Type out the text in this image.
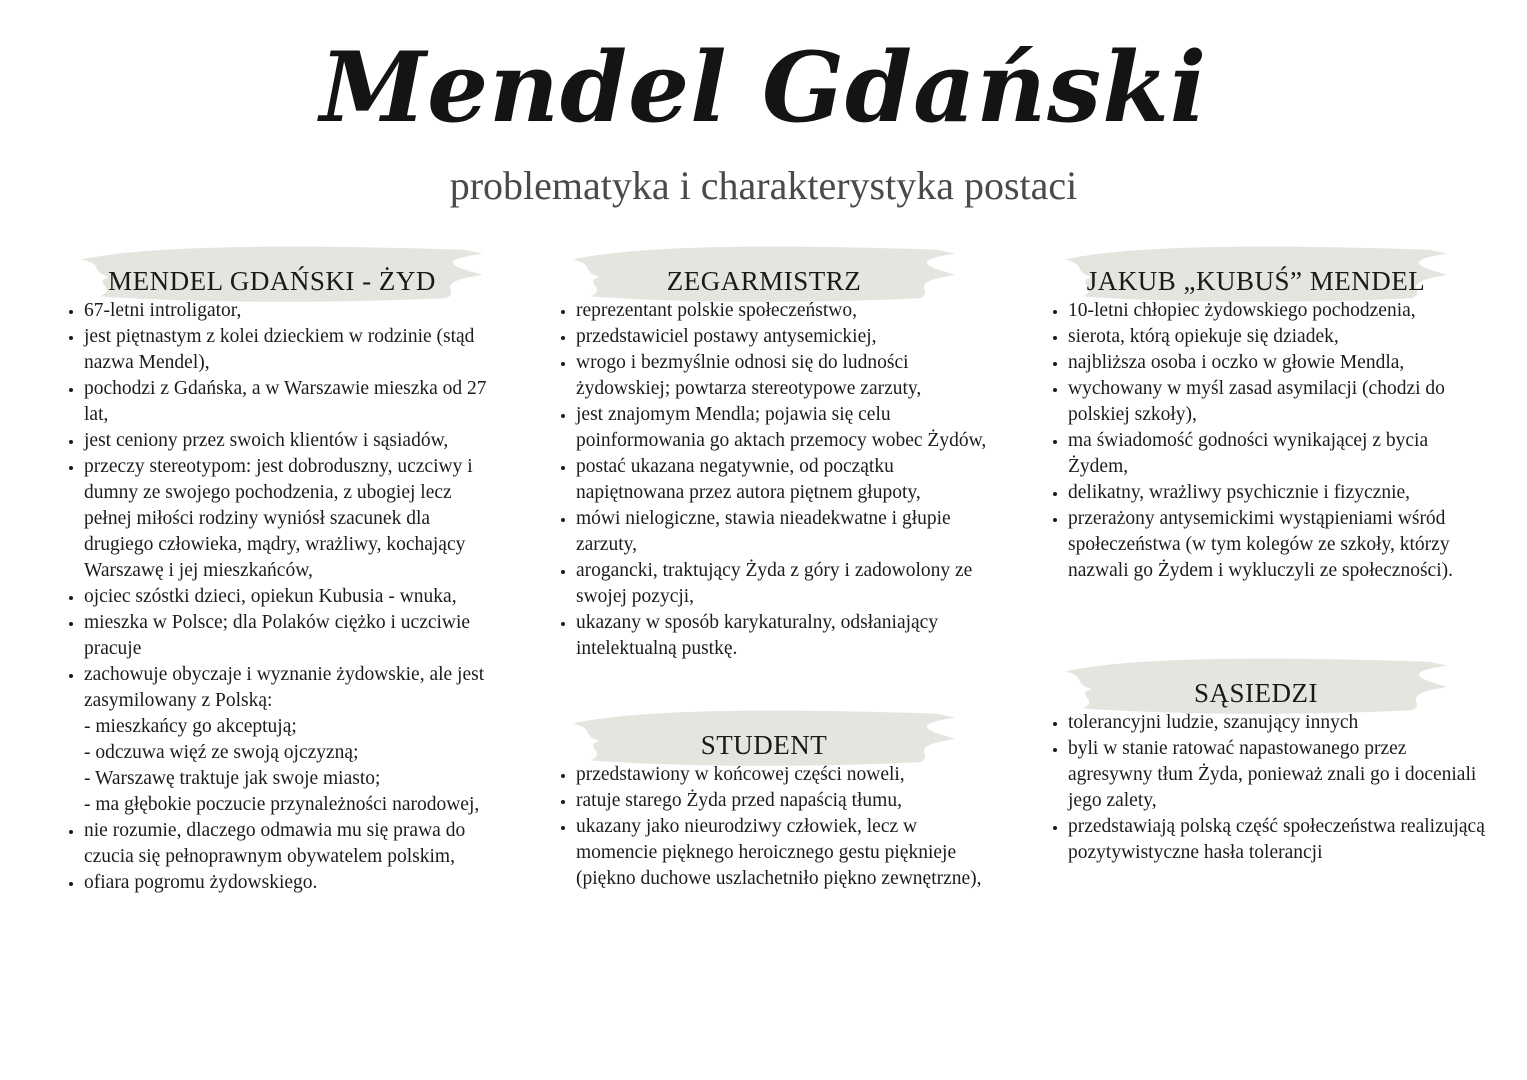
Mendel Gdański
problematyka i charakterystyka postaci
MENDEL GDAŃSKI - ŻYD
• 67-letni introligator,
• jest piętnastym z kolei dzieckiem w rodzinie (stąd nazwa Mendel),
• pochodzi z Gdańska, a w Warszawie mieszka od 27 lat,
• jest ceniony przez swoich klientów i sąsiadów,
• przeczy stereotypom: jest dobroduszny, uczciwy i dumny ze swojego pochodzenia, z ubogiej lecz pełnej miłości rodziny wyniósł szacunek dla drugiego człowieka, mądry, wrażliwy, kochający Warszawę i jej mieszkańców,
• ojciec szóstki dzieci, opiekun Kubusia - wnuka,
• mieszka w Polsce; dla Polaków ciężko i uczciwie pracuje
• zachowuje obyczaje i wyznanie żydowskie, ale jest zasymilowany z Polską:
- mieszkańcy go akceptują;
- odczuwa więź ze swoją ojczyzną;
- Warszawę traktuje jak swoje miasto;
- ma głębokie poczucie przynależności narodowej,
• nie rozumie, dlaczego odmawia mu się prawa do czucia się pełnoprawnym obywatelem polskim,
• ofiara pogromu żydowskiego.
ZEGARMISTRZ
• reprezentant polskie społeczeństwo,
• przedstawiciel postawy antysemickiej,
• wrogo i bezmyślnie odnosi się do ludności żydowskiej; powtarza stereotypowe zarzuty,
• jest znajomym Mendla; pojawia się celu poinformowania go aktach przemocy wobec Żydów,
• postać ukazana negatywnie, od początku napiętnowana przez autora piętnem głupoty,
• mówi nielogiczne, stawia nieadekwatne i głupie zarzuty,
• arogancki, traktujący Żyda z góry i zadowolony ze swojej pozycji,
• ukazany w sposób karykaturalny, odsłaniający intelektualną pustkę.
STUDENT
• przedstawiony w końcowej części noweli,
• ratuje starego Żyda przed napaścią tłumu,
• ukazany jako nieurodziwy człowiek, lecz w momencie pięknego heroicznego gestu pięknieje (piękno duchowe uszlachetniło piękno zewnętrzne),
JAKUB „KUBUŚ” MENDEL
• 10-letni chłopiec żydowskiego pochodzenia,
• sierota, którą opiekuje się dziadek,
• najbliższa osoba i oczko w głowie Mendla,
• wychowany w myśl zasad asymilacji (chodzi do polskiej szkoły),
• ma świadomość godności wynikającej z bycia Żydem,
• delikatny, wrażliwy psychicznie i fizycznie,
• przerażony antysemickimi wystąpieniami wśród społeczeństwa (w tym kolegów ze szkoły, którzy nazwali go Żydem i wykluczyli ze społeczności).
SĄSIEDZI
• tolerancyjni ludzie, szanujący innych
• byli w stanie ratować napastowanego przez agresywny tłum Żyda, ponieważ znali go i doceniali jego zalety,
• przedstawiają polską część społeczeństwa realizującą pozytywistyczne hasła tolerancji
